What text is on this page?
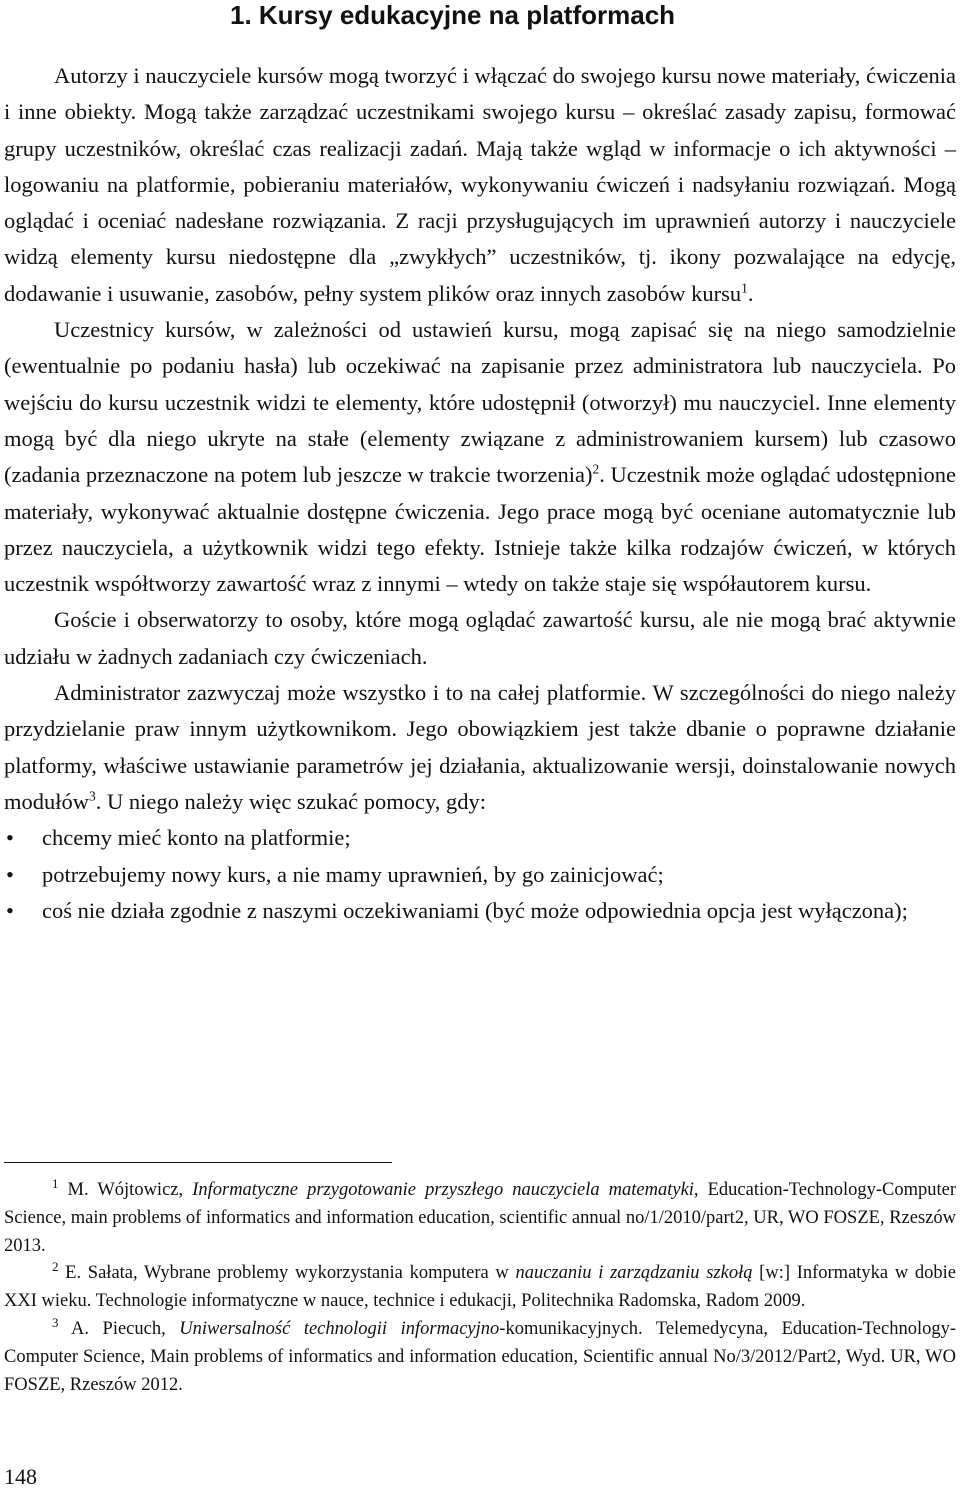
1. Kursy edukacyjne na platformach

Autorzy i nauczyciele kursów mogą tworzyć i włączać do swojego kursu nowe materiały, ćwiczenia i inne obiekty. Mogą także zarządzać uczestnikami swojego kursu – określać zasady zapisu, formować grupy uczestników, określać czas realizacji zadań. Mają także wgląd w informacje o ich aktywności – logowaniu na platformie, pobieraniu materiałów, wykonywaniu ćwiczeń i nadsyłaniu rozwiązań. Mogą oglądać i oceniać nadesłane rozwiązania. Z racji przysługujących im uprawnień autorzy i nauczyciele widzą elementy kursu niedostępne dla „zwykłych” uczestników, tj. ikony pozwalające na edycję, dodawanie i usuwanie, zasobów, pełny system plików oraz innych zasobów kursu$^1$.

Uczestnicy kursów, w zależności od ustawień kursu, mogą zapisać się na niego samodzielnie (ewentualnie po podaniu hasła) lub oczekiwać na zapisanie przez administratora lub nauczyciela. Po wejściu do kursu uczestnik widzi te elementy, które udostępnił (otworzył) mu nauczyciel. Inne elementy mogą być dla niego ukryte na stałe (elementy związane z administrowaniem kursem) lub czasowo (zadania przeznaczone na potem lub jeszcze w trakcie tworzenia)$^2$. Uczestnik może oglądać udostępnione materiały, wykonywać aktualnie dostępne ćwiczenia. Jego prace mogą być oceniane automatycznie lub przez nauczyciela, a użytkownik widzi tego efekty. Istnieje także kilka rodzajów ćwiczeń, w których uczestnik współtworzy zawartość wraz z innymi – wtedy on także staje się współautorem kursu.

Goście i obserwatorzy to osoby, które mogą oglądać zawartość kursu, ale nie mogą brać aktywnie udziału w żadnych zadaniach czy ćwiczeniach.

Administrator zazwyczaj może wszystko i to na całej platformie. W szczególności do niego należy przydzielanie praw innym użytkownikom. Jego obowiązkiem jest także dbanie o poprawne działanie platformy, właściwe ustawianie parametrów jej działania, aktualizowanie wersji, doinstalowanie nowych modułów$^3$. U niego należy więc szukać pomocy, gdy:

•	chcemy mieć konto na platformie;
•	potrzebujemy nowy kurs, a nie mamy uprawnień, by go zainicjować;
•	coś nie działa zgodnie z naszymi oczekiwaniami (być może odpowiednia opcja jest wyłączona);

$^1$ M. Wójtowicz, Informatyczne przygotowanie przyszłego nauczyciela matematyki, Education-Technology-Computer Science, main problems of informatics and information education, scientific annual no/1/2010/part2, UR, WO FOSZE, Rzeszów 2013.

$^2$ E. Sałata, Wybrane problemy wykorzystania komputera w nauczaniu i zarządzaniu szkołą [w:] Informatyka w dobie XXI wieku. Technologie informatyczne w nauce, technice i edukacji, Politechnika Radomska, Radom 2009.

$^3$ A. Piecuch, Uniwersalność technologii informacyjno-komunikacyjnych. Telemedycyna, Education-Technology-Computer Science, Main problems of informatics and information education, Scientific annual No/3/2012/Part2, Wyd. UR, WO FOSZE, Rzeszów 2012.

148
